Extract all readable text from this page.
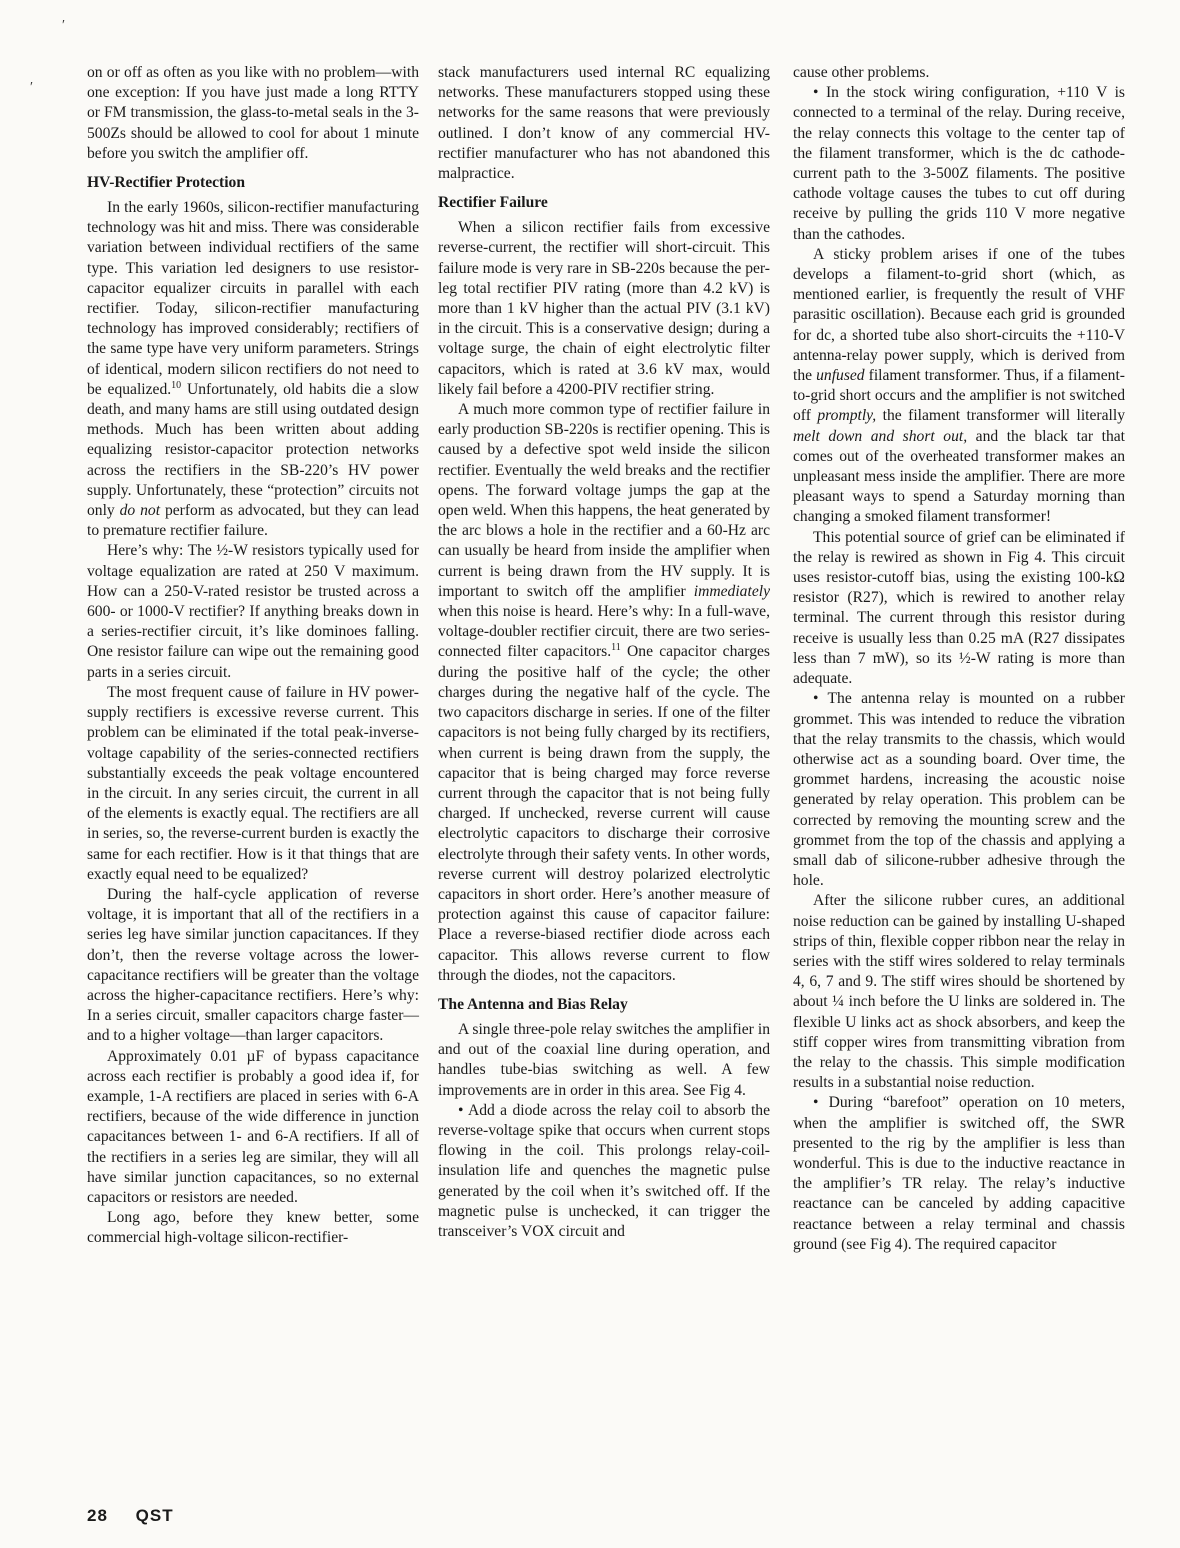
′
′

on or off as often as you like with no problem—with one exception: If you have just made a long RTTY or FM transmission, the glass-to-metal seals in the 3-500Zs should be allowed to cool for about 1 minute before you switch the amplifier off.

HV-Rectifier Protection

In the early 1960s, silicon-rectifier manufacturing technology was hit and miss. There was considerable variation between individual rectifiers of the same type. This variation led designers to use resistor-capacitor equalizer circuits in parallel with each rectifier. Today, silicon-rectifier manufacturing technology has improved considerably; rectifiers of the same type have very uniform parameters. Strings of identical, modern silicon rectifiers do not need to be equalized.$^{10}$ Unfortunately, old habits die a slow death, and many hams are still using outdated design methods. Much has been written about adding equalizing resistor-capacitor protection networks across the rectifiers in the SB-220’s HV power supply. Unfortunately, these “protection” circuits not only do not perform as advocated, but they can lead to premature rectifier failure.

Here’s why: The ½-W resistors typically used for voltage equalization are rated at 250 V maximum. How can a 250-V-rated resistor be trusted across a 600- or 1000-V rectifier? If anything breaks down in a series-rectifier circuit, it’s like dominoes falling. One resistor failure can wipe out the remaining good parts in a series circuit.

The most frequent cause of failure in HV power-supply rectifiers is excessive reverse current. This problem can be eliminated if the total peak-inverse-voltage capability of the series-connected rectifiers substantially exceeds the peak voltage encountered in the circuit. In any series circuit, the current in all of the elements is exactly equal. The rectifiers are all in series, so, the reverse-current burden is exactly the same for each rectifier. How is it that things that are exactly equal need to be equalized?

During the half-cycle application of reverse voltage, it is important that all of the rectifiers in a series leg have similar junction capacitances. If they don’t, then the reverse voltage across the lower-capacitance rectifiers will be greater than the voltage across the higher-capacitance rectifiers. Here’s why: In a series circuit, smaller capacitors charge faster—and to a higher voltage—than larger capacitors.

Approximately 0.01 µF of bypass capacitance across each rectifier is probably a good idea if, for example, 1-A rectifiers are placed in series with 6-A rectifiers, because of the wide difference in junction capacitances between 1- and 6-A rectifiers. If all of the rectifiers in a series leg are similar, they will all have similar junction capacitances, so no external capacitors or resistors are needed.

Long ago, before they knew better, some commercial high-voltage silicon-rectifier-

stack manufacturers used internal RC equalizing networks. These manufacturers stopped using these networks for the same reasons that were previously outlined. I don’t know of any commercial HV-rectifier manufacturer who has not abandoned this malpractice.

Rectifier Failure

When a silicon rectifier fails from excessive reverse-current, the rectifier will short-circuit. This failure mode is very rare in SB-220s because the per-leg total rectifier PIV rating (more than 4.2 kV) is more than 1 kV higher than the actual PIV (3.1 kV) in the circuit. This is a conservative design; during a voltage surge, the chain of eight electrolytic filter capacitors, which is rated at 3.6 kV max, would likely fail before a 4200-PIV rectifier string.

A much more common type of rectifier failure in early production SB-220s is rectifier opening. This is caused by a defective spot weld inside the silicon rectifier. Eventually the weld breaks and the rectifier opens. The forward voltage jumps the gap at the open weld. When this happens, the heat generated by the arc blows a hole in the rectifier and a 60-Hz arc can usually be heard from inside the amplifier when current is being drawn from the HV supply. It is important to switch off the amplifier immediately when this noise is heard. Here’s why: In a full-wave, voltage-doubler rectifier circuit, there are two series-connected filter capacitors.$^{11}$ One capacitor charges during the positive half of the cycle; the other charges during the negative half of the cycle. The two capacitors discharge in series. If one of the filter capacitors is not being fully charged by its rectifiers, when current is being drawn from the supply, the capacitor that is being charged may force reverse current through the capacitor that is not being fully charged. If unchecked, reverse current will cause electrolytic capacitors to discharge their corrosive electrolyte through their safety vents. In other words, reverse current will destroy polarized electrolytic capacitors in short order. Here’s another measure of protection against this cause of capacitor failure: Place a reverse-biased rectifier diode across each capacitor. This allows reverse current to flow through the diodes, not the capacitors.

The Antenna and Bias Relay

A single three-pole relay switches the amplifier in and out of the coaxial line during operation, and handles tube-bias switching as well. A few improvements are in order in this area. See Fig 4.

• Add a diode across the relay coil to absorb the reverse-voltage spike that occurs when current stops flowing in the coil. This prolongs relay-coil-insulation life and quenches the magnetic pulse generated by the coil when it’s switched off. If the magnetic pulse is unchecked, it can trigger the transceiver’s VOX circuit and

cause other problems.

• In the stock wiring configuration, +110 V is connected to a terminal of the relay. During receive, the relay connects this voltage to the center tap of the filament transformer, which is the dc cathode-current path to the 3-500Z filaments. The positive cathode voltage causes the tubes to cut off during receive by pulling the grids 110 V more negative than the cathodes.

A sticky problem arises if one of the tubes develops a filament-to-grid short (which, as mentioned earlier, is frequently the result of VHF parasitic oscillation). Because each grid is grounded for dc, a shorted tube also short-circuits the +110-V antenna-relay power supply, which is derived from the unfused filament transformer. Thus, if a filament-to-grid short occurs and the amplifier is not switched off promptly, the filament transformer will literally melt down and short out, and the black tar that comes out of the overheated transformer makes an unpleasant mess inside the amplifier. There are more pleasant ways to spend a Saturday morning than changing a smoked filament transformer!

This potential source of grief can be eliminated if the relay is rewired as shown in Fig 4. This circuit uses resistor-cutoff bias, using the existing 100-kΩ resistor (R27), which is rewired to another relay terminal. The current through this resistor during receive is usually less than 0.25 mA (R27 dissipates less than 7 mW), so its ½-W rating is more than adequate.

• The antenna relay is mounted on a rubber grommet. This was intended to reduce the vibration that the relay transmits to the chassis, which would otherwise act as a sounding board. Over time, the grommet hardens, increasing the acoustic noise generated by relay operation. This problem can be corrected by removing the mounting screw and the grommet from the top of the chassis and applying a small dab of silicone-rubber adhesive through the hole.

After the silicone rubber cures, an additional noise reduction can be gained by installing U-shaped strips of thin, flexible copper ribbon near the relay in series with the stiff wires soldered to relay terminals 4, 6, 7 and 9. The stiff wires should be shortened by about ¼ inch before the U links are soldered in. The flexible U links act as shock absorbers, and keep the stiff copper wires from transmitting vibration from the relay to the chassis. This simple modification results in a substantial noise reduction.

• During “barefoot” operation on 10 meters, when the amplifier is switched off, the SWR presented to the rig by the amplifier is less than wonderful. This is due to the inductive reactance in the amplifier’s TR relay. The relay’s inductive reactance can be canceled by adding capacitive reactance between a relay terminal and chassis ground (see Fig 4). The required capacitor

28 QST
